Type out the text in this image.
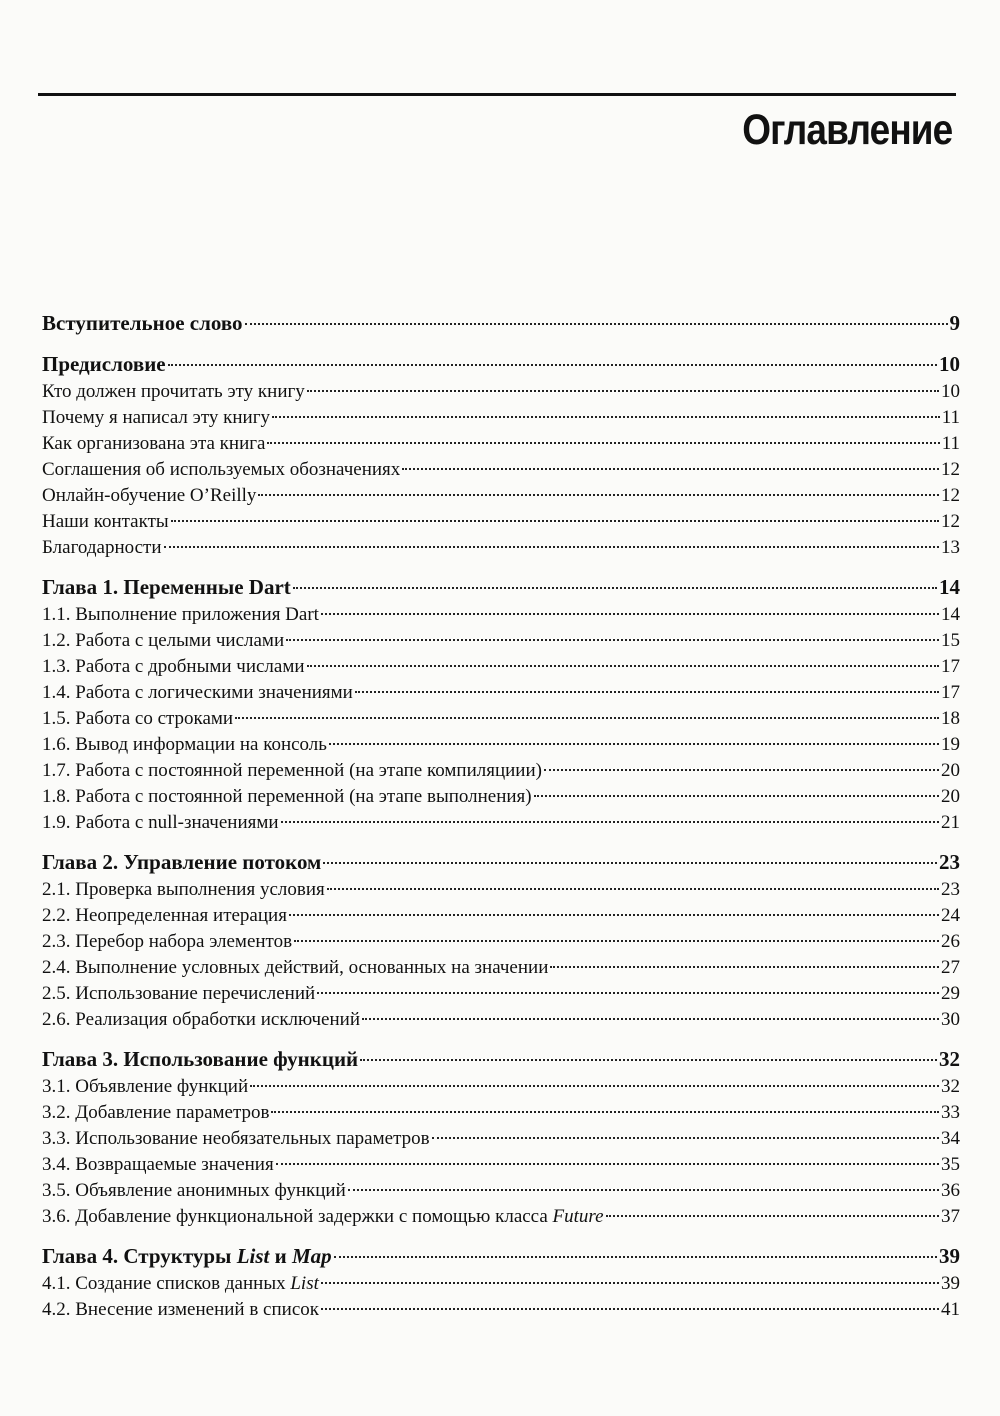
Оглавление
Вступительное слово	9
Предисловие	10
Кто должен прочитать эту книгу	10
Почему я написал эту книгу	11
Как организована эта книга	11
Соглашения об используемых обозначениях	12
Онлайн-обучение O’Reilly	12
Наши контакты	12
Благодарности	13
Глава 1. Переменные Dart	14
1.1. Выполнение приложения Dart	14
1.2. Работа с целыми числами	15
1.3. Работа с дробными числами	17
1.4. Работа с логическими значениями	17
1.5. Работа со строками	18
1.6. Вывод информации на консоль	19
1.7. Работа с постоянной переменной (на этапе компиляциии)	20
1.8. Работа с постоянной переменной (на этапе выполнения)	20
1.9. Работа с null-значениями	21
Глава 2. Управление потоком	23
2.1. Проверка выполнения условия	23
2.2. Неопределенная итерация	24
2.3. Перебор набора элементов	26
2.4. Выполнение условных действий, основанных на значении	27
2.5. Использование перечислений	29
2.6. Реализация обработки исключений	30
Глава 3. Использование функций	32
3.1. Объявление функций	32
3.2. Добавление параметров	33
3.3. Использование необязательных параметров	34
3.4. Возвращаемые значения	35
3.5. Объявление анонимных функций	36
3.6. Добавление функциональной задержки с помощью класса Future	37
Глава 4. Структуры List и Map	39
4.1. Создание списков данных List	39
4.2. Внесение изменений в список	41
